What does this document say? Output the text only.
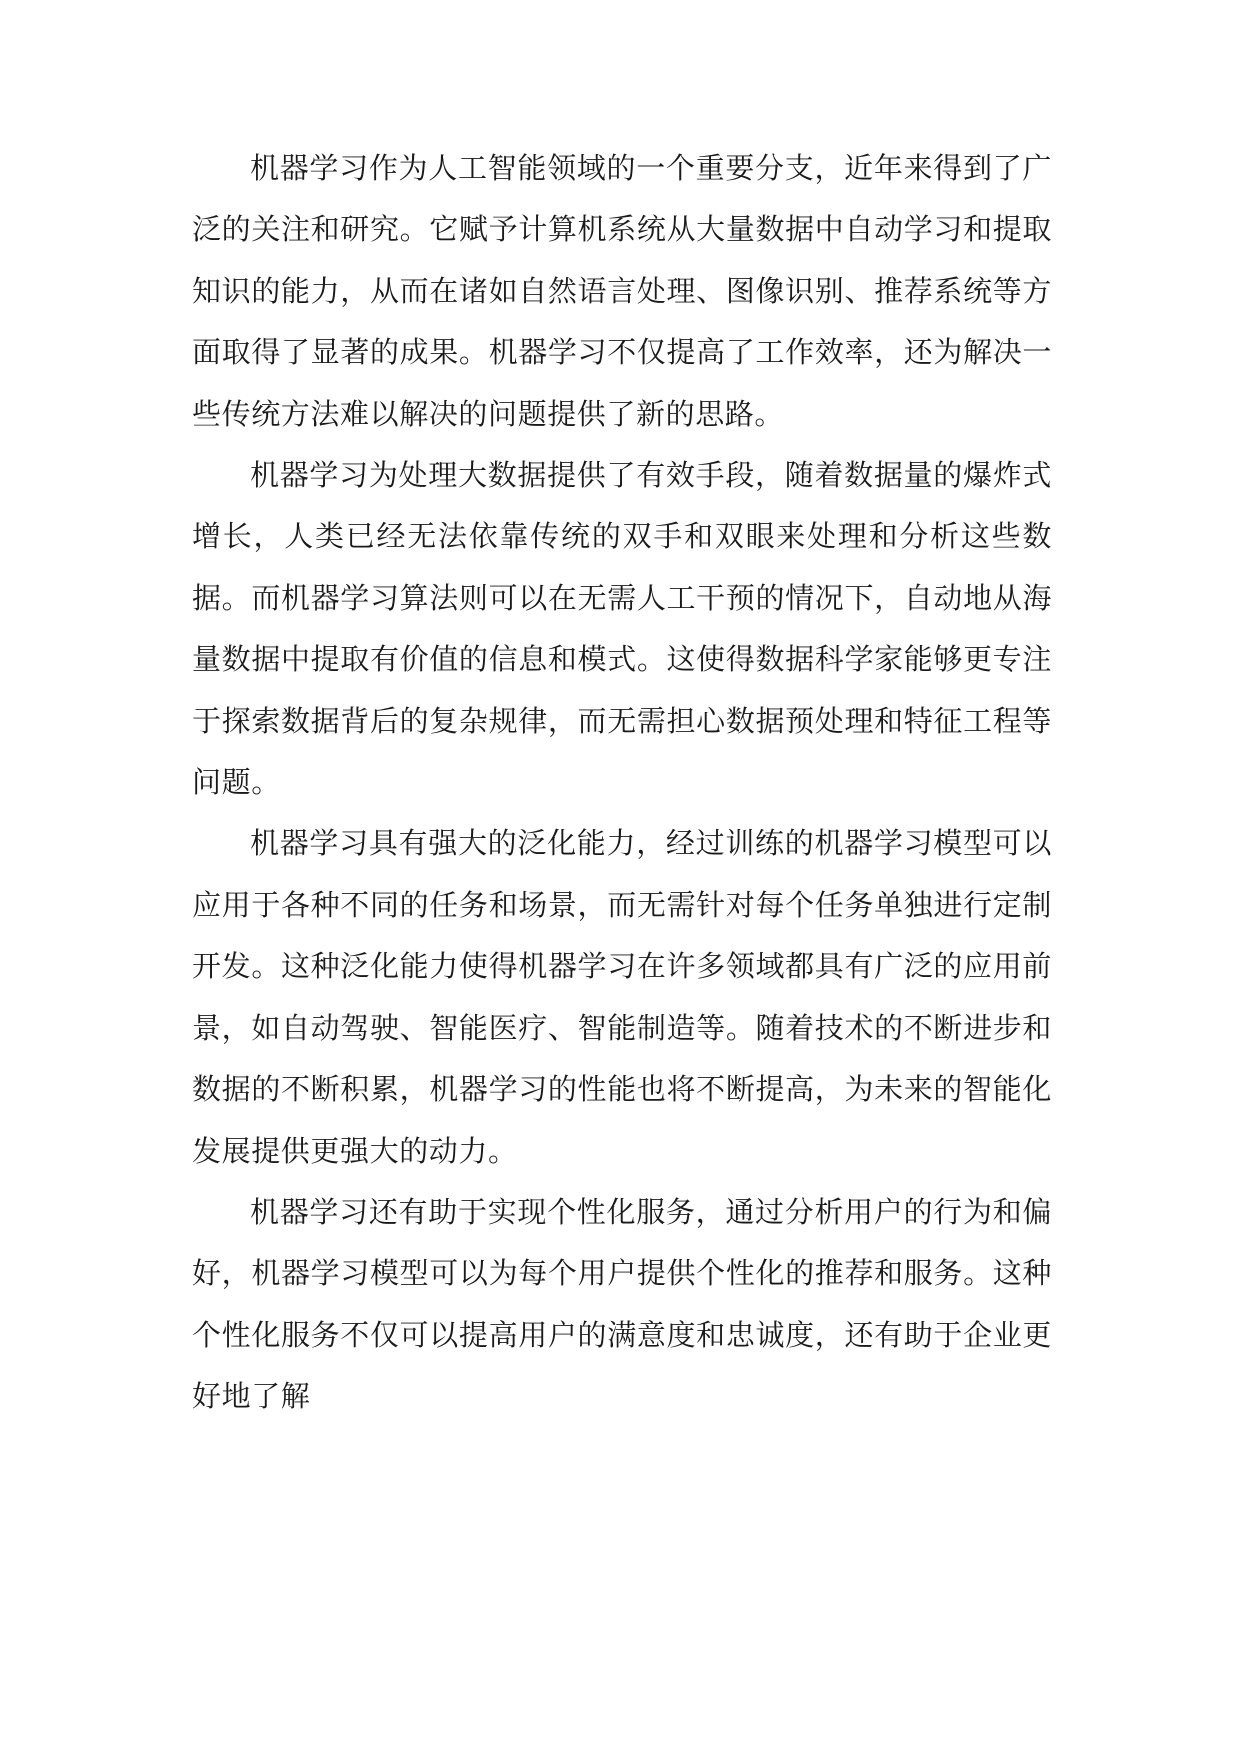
机器学习作为人工智能领域的一个重要分支，近年来得到了广泛的关注和研究。它赋予计算机系统从大量数据中自动学习和提取知识的能力，从而在诸如自然语言处理、图像识别、推荐系统等方面取得了显著的成果。机器学习不仅提高了工作效率，还为解决一些传统方法难以解决的问题提供了新的思路。

机器学习为处理大数据提供了有效手段，随着数据量的爆炸式增长，人类已经无法依靠传统的双手和双眼来处理和分析这些数据。而机器学习算法则可以在无需人工干预的情况下，自动地从海量数据中提取有价值的信息和模式。这使得数据科学家能够更专注于探索数据背后的复杂规律，而无需担心数据预处理和特征工程等问题。

机器学习具有强大的泛化能力，经过训练的机器学习模型可以应用于各种不同的任务和场景，而无需针对每个任务单独进行定制开发。这种泛化能力使得机器学习在许多领域都具有广泛的应用前景，如自动驾驶、智能医疗、智能制造等。随着技术的不断进步和数据的不断积累，机器学习的性能也将不断提高，为未来的智能化发展提供更强大的动力。

机器学习还有助于实现个性化服务，通过分析用户的行为和偏好，机器学习模型可以为每个用户提供个性化的推荐和服务。这种个性化服务不仅可以提高用户的满意度和忠诚度，还有助于企业更好地了解
